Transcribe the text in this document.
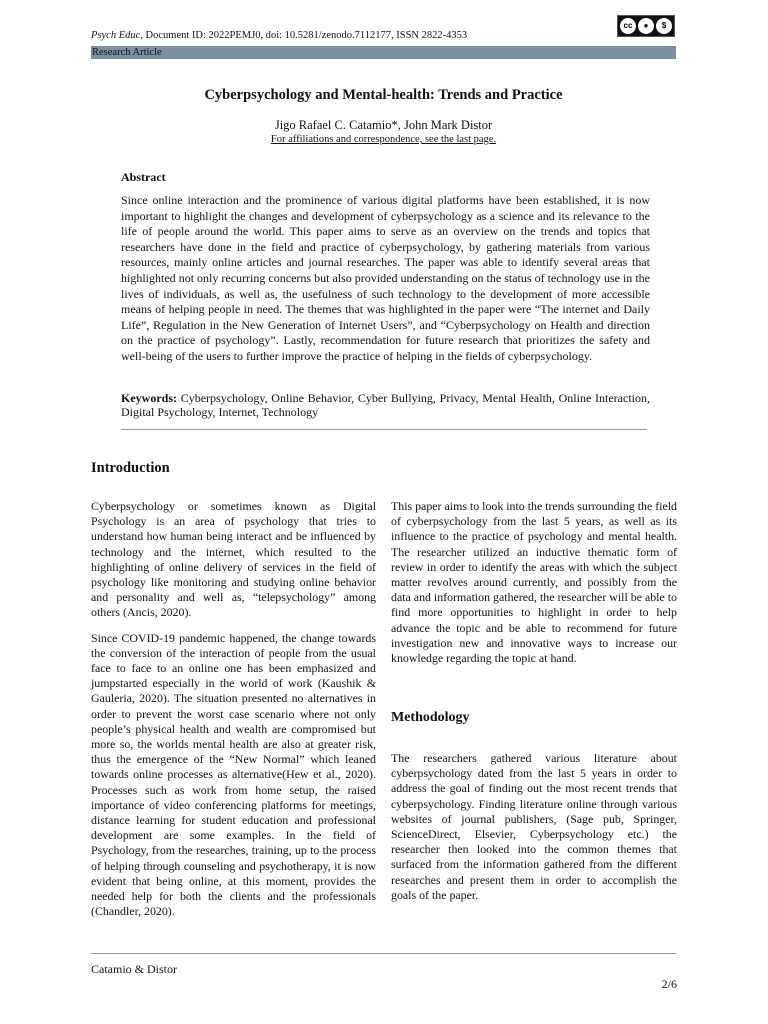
Psych Educ, Document ID: 2022PEMJ0, doi: 10.5281/zenodo.7112177, ISSN 2822-4353
cc	●	$
Research Article
Cyberpsychology and Mental-health: Trends and Practice
Jigo Rafael C. Catamio*, John Mark Distor
For affiliations and correspondence, see the last page.
Abstract
Since online interaction and the prominence of various digital platforms have been established, it is now important to highlight the changes and development of cyberpsychology as a science and its relevance to the life of people around the world. This paper aims to serve as an overview on the trends and topics that researchers have done in the field and practice of cyberpsychology, by gathering materials from various resources, mainly online articles and journal researches. The paper was able to identify several areas that highlighted not only recurring concerns but also provided understanding on the status of technology use in the lives of individuals, as well as, the usefulness of such technology to the development of more accessible means of helping people in need. The themes that was highlighted in the paper were “The internet and Daily Life”, Regulation in the New Generation of Internet Users”, and “Cyberpsychology on Health and direction on the practice of psychology”. Lastly, recommendation for future research that prioritizes the safety and well-being of the users to further improve the practice of helping in the fields of cyberpsychology.
Keywords: Cyberpsychology, Online Behavior, Cyber Bullying, Privacy, Mental Health, Online Interaction, Digital Psychology, Internet, Technology
Introduction

Cyberpsychology or sometimes known as Digital Psychology is an area of psychology that tries to understand how human being interact and be influenced by technology and the internet, which resulted to the highlighting of online delivery of services in the field of psychology like monitoring and studying online behavior and personality and well as, “telepsychology” among others (Ancis, 2020).

Since COVID-19 pandemic happened, the change towards the conversion of the interaction of people from the usual face to face to an online one has been emphasized and jumpstarted especially in the world of work (Kaushik & Gauleria, 2020). The situation presented no alternatives in order to prevent the worst case scenario where not only people’s physical health and wealth are compromised but more so, the worlds mental health are also at greater risk, thus the emergence of the “New Normal” which leaned towards online processes as alternative(Hew et al., 2020). Processes such as work from home setup, the raised importance of video conferencing platforms for meetings, distance learning for student education and professional development are some examples. In the field of Psychology, from the researches, training, up to the process of helping through counseling and psychotherapy, it is now evident that being online, at this moment, provides the needed help for both the clients and the professionals (Chandler, 2020).

This paper aims to look into the trends surrounding the field of cyberpsychology from the last 5 years, as well as its influence to the practice of psychology and mental health. The researcher utilized an inductive thematic form of review in order to identify the areas with which the subject matter revolves around currently, and possibly from the data and information gathered, the researcher will be able to find more opportunities to highlight in order to help advance the topic and be able to recommend for future investigation new and innovative ways to increase our knowledge regarding the topic at hand.

Methodology

The researchers gathered various literature about cyberpsychology dated from the last 5 years in order to address the goal of finding out the most recent trends that cyberpsychology. Finding literature online through various websites of journal publishers, (Sage pub, Springer, ScienceDirect, Elsevier, Cyberpsychology etc.) the researcher then looked into the common themes that surfaced from the information gathered from the different researches and present them in order to accomplish the goals of the paper.

Catamio & Distor
2/6
